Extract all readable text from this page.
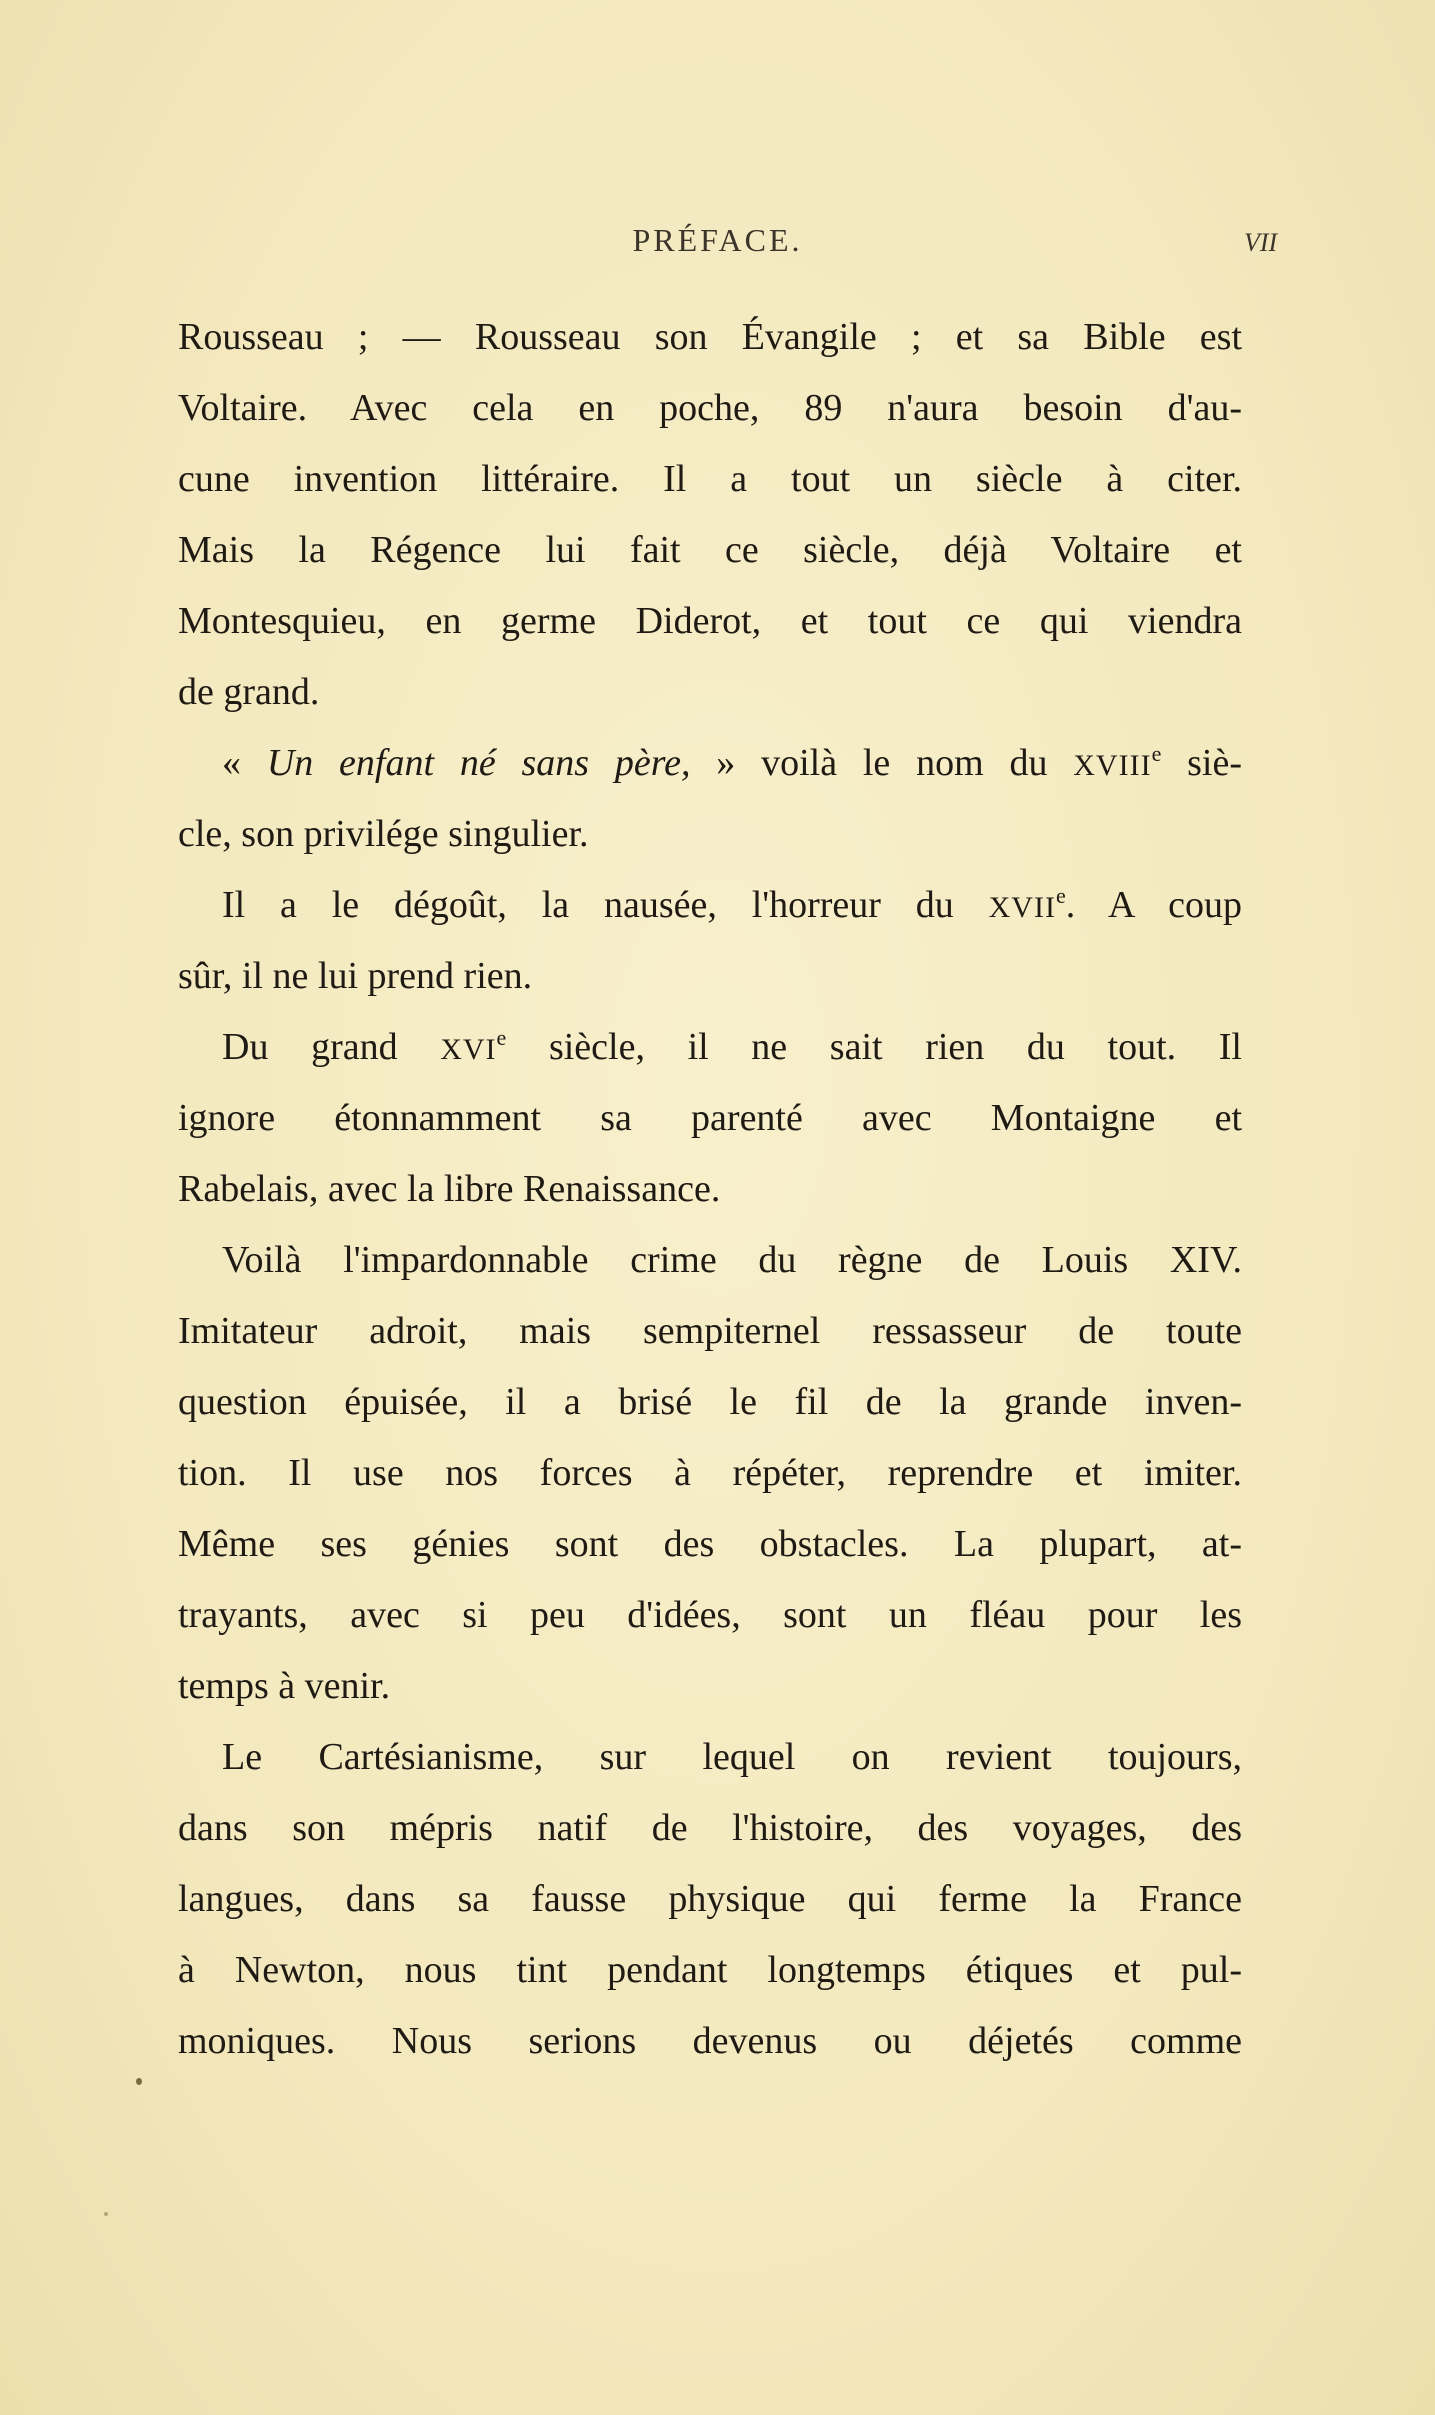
PRÉFACE.	VII
Rousseau ; — Rousseau son Évangile ; et sa Bible est
Voltaire. Avec cela en poche, 89 n'aura besoin d'au-
cune invention littéraire. Il a tout un siècle à citer.
Mais la Régence lui fait ce siècle, déjà Voltaire et
Montesquieu, en germe Diderot, et tout ce qui viendra
de grand.
« Un enfant né sans père, » voilà le nom du XVIIIe siè-
cle, son privilége singulier.
Il a le dégoût, la nausée, l'horreur du XVIIe. A coup
sûr, il ne lui prend rien.
Du grand XVIe siècle, il ne sait rien du tout. Il
ignore étonnamment sa parenté avec Montaigne et
Rabelais, avec la libre Renaissance.
Voilà l'impardonnable crime du règne de Louis XIV.
Imitateur adroit, mais sempiternel ressasseur de toute
question épuisée, il a brisé le fil de la grande inven-
tion. Il use nos forces à répéter, reprendre et imiter.
Même ses génies sont des obstacles. La plupart, at-
trayants, avec si peu d'idées, sont un fléau pour les
temps à venir.
Le Cartésianisme, sur lequel on revient toujours,
dans son mépris natif de l'histoire, des voyages, des
langues, dans sa fausse physique qui ferme la France
à Newton, nous tint pendant longtemps étiques et pul-
moniques. Nous serions devenus ou déjetés comme
